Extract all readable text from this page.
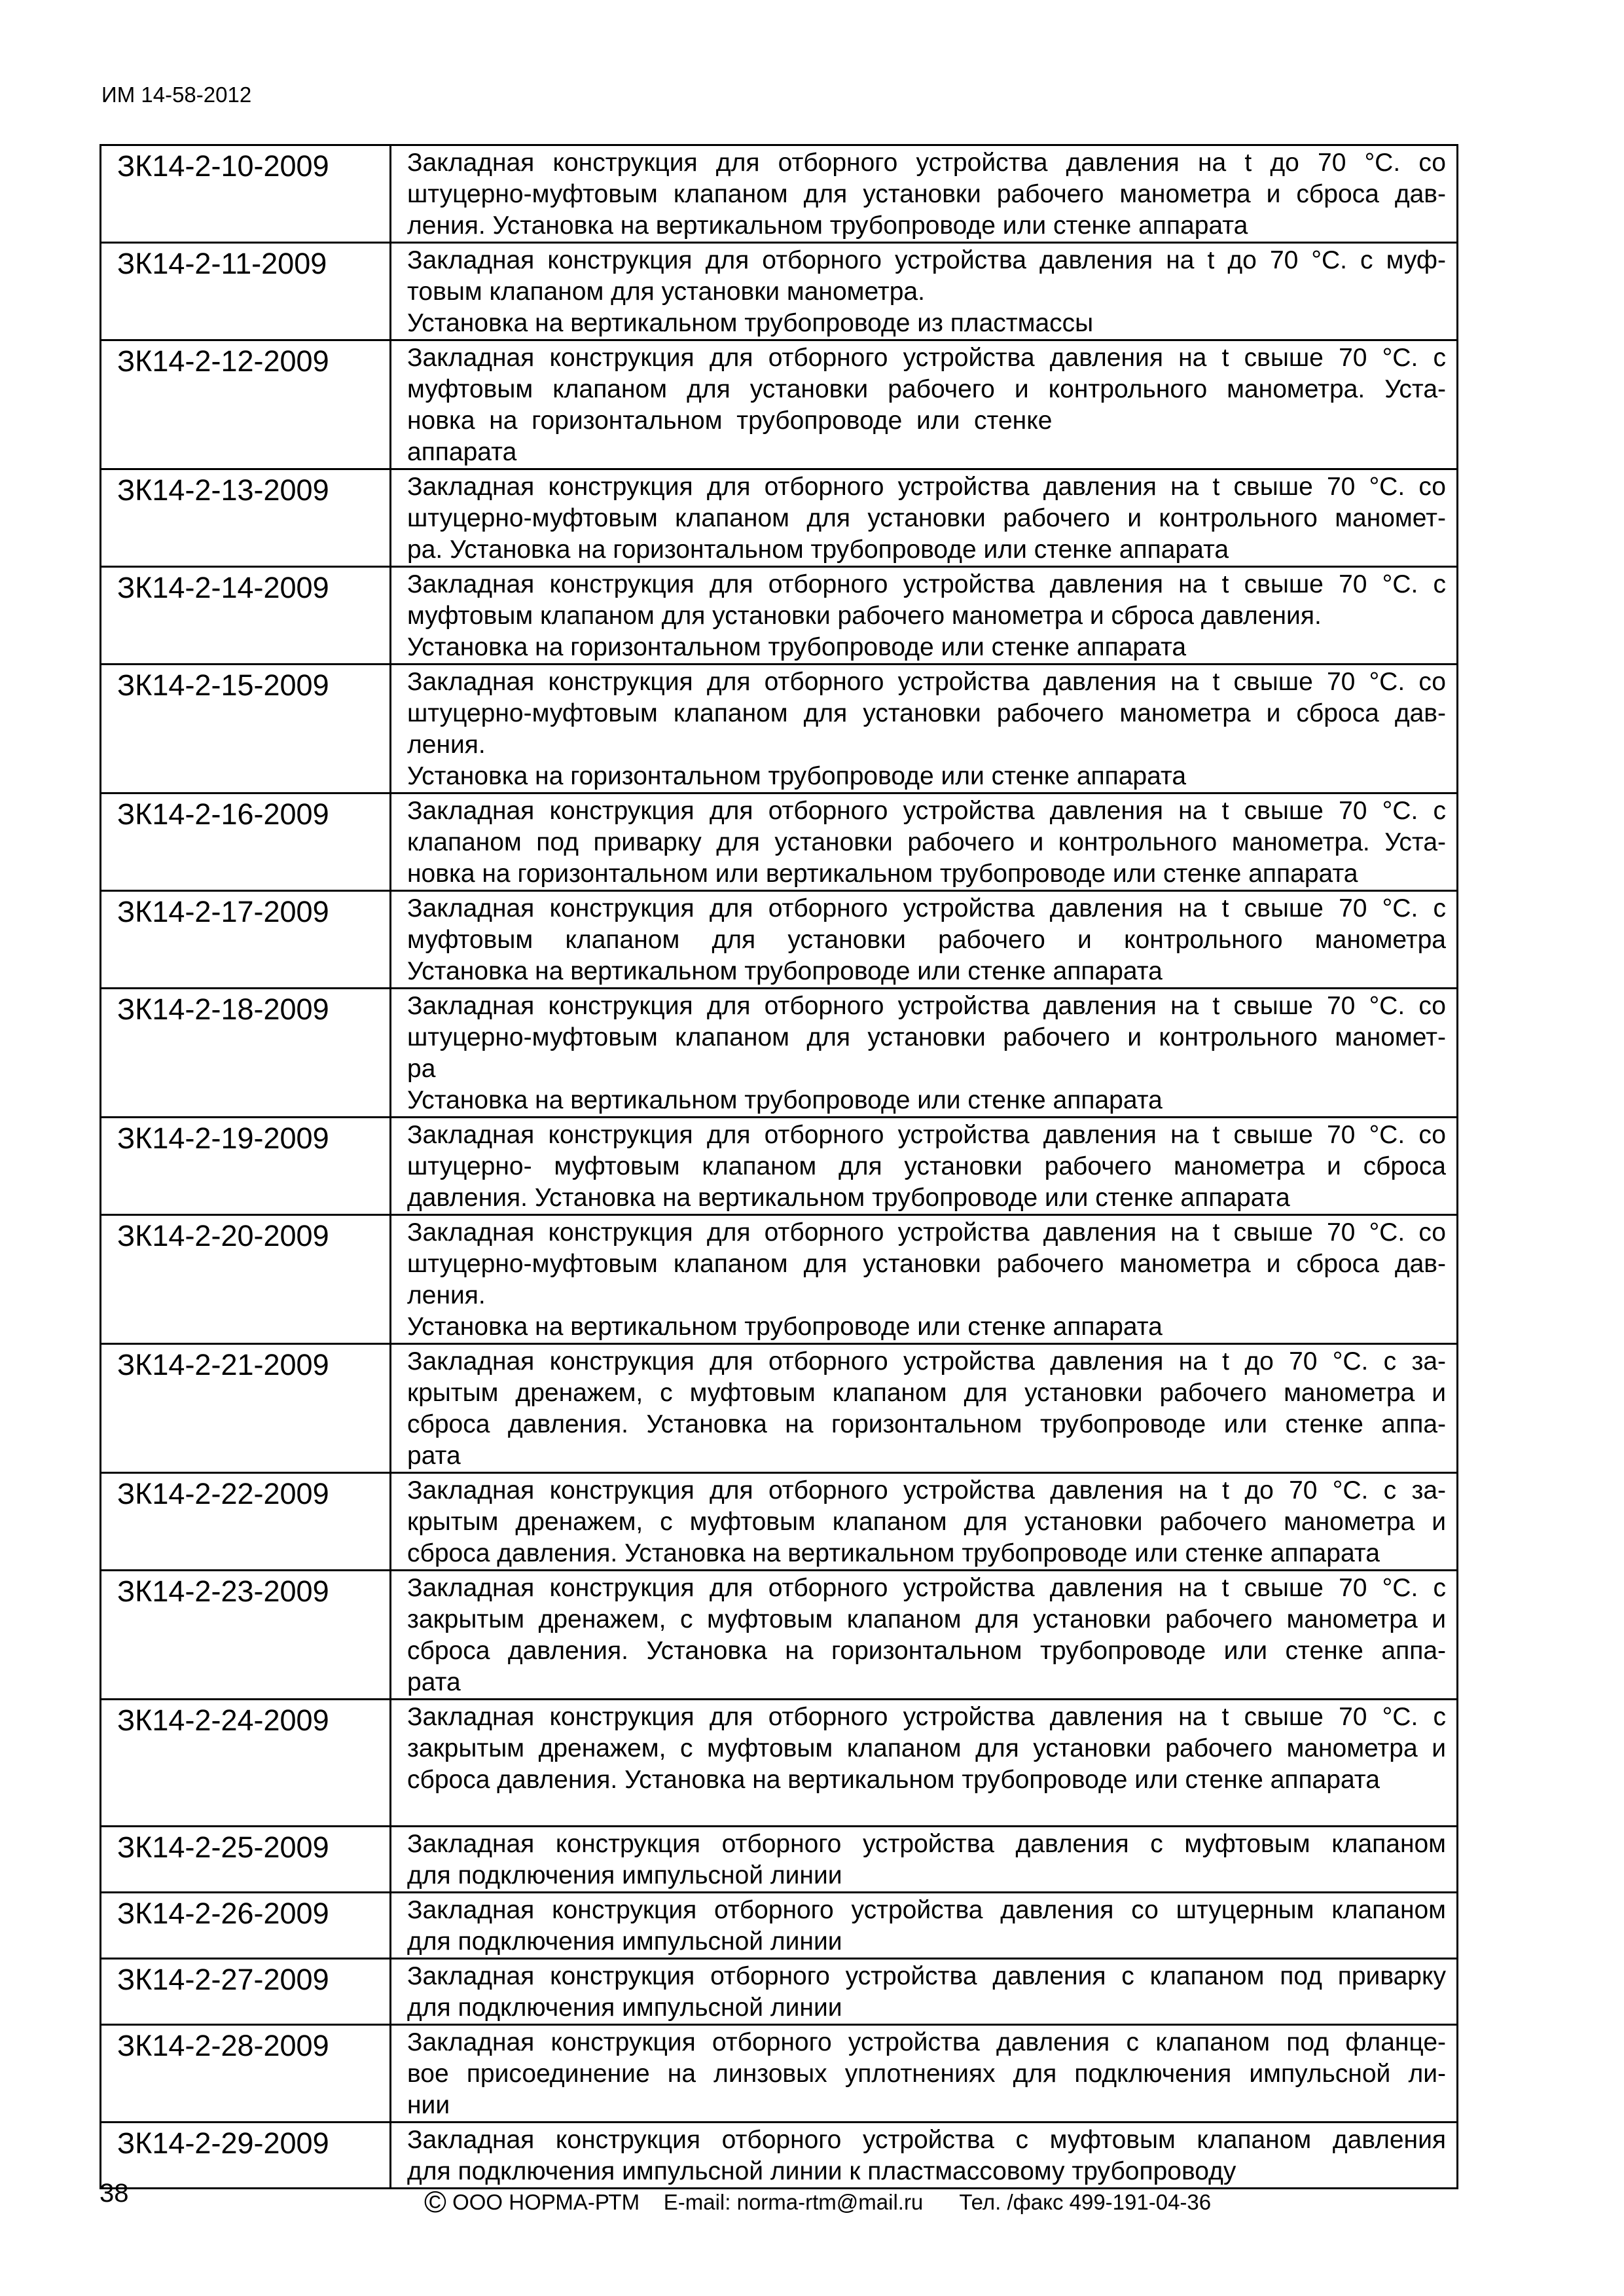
ИМ 14-58-2012
ЗК14-2-10-2009	Закладная конструкция для отборного устройства давления на t до 70 °С. со
штуцерно-муфтовым клапаном для установки рабочего манометра и сброса дав-
ления. Установка на вертикальном трубопроводе или стенке аппарата

ЗК14-2-11-2009	Закладная конструкция для отборного устройства давления на t до 70 °С. с муф-
товым клапаном для установки манометра.
Установка на вертикальном трубопроводе из пластмассы

ЗК14-2-12-2009	Закладная конструкция для отборного устройства давления на t свыше 70 °С. с
муфтовым клапаном для установки рабочего и контрольного манометра. Уста-
новка  на  горизонтальном  трубопроводе  или  стенке
аппарата

ЗК14-2-13-2009	Закладная конструкция для отборного устройства давления на t свыше 70 °С. со
штуцерно-муфтовым клапаном для установки рабочего и контрольного маномет-
ра. Установка на горизонтальном трубопроводе или стенке аппарата

ЗК14-2-14-2009	Закладная конструкция для отборного устройства давления на t свыше 70 °С. с
муфтовым клапаном для установки рабочего манометра и сброса давления.
Установка на горизонтальном трубопроводе или стенке аппарата

ЗК14-2-15-2009	Закладная конструкция для отборного устройства давления на t свыше 70 °С. со
штуцерно-муфтовым клапаном для установки рабочего манометра и сброса дав-
ления.
Установка на горизонтальном трубопроводе или стенке аппарата

ЗК14-2-16-2009	Закладная конструкция для отборного устройства давления на t свыше 70 °С. с
клапаном под приварку для установки рабочего и контрольного манометра. Уста-
новка на горизонтальном или вертикальном трубопроводе или стенке аппарата

ЗК14-2-17-2009	Закладная конструкция для отборного устройства давления на t свыше 70 °С. с
муфтовым клапаном для установки рабочего и контрольного манометра
Установка на вертикальном трубопроводе или стенке аппарата

ЗК14-2-18-2009	Закладная конструкция для отборного устройства давления на t свыше 70 °С. со
штуцерно-муфтовым клапаном для установки рабочего и контрольного маномет-
ра
Установка на вертикальном трубопроводе или стенке аппарата

ЗК14-2-19-2009	Закладная конструкция для отборного устройства давления на t свыше 70 °С. со
штуцерно- муфтовым клапаном для установки рабочего манометра и сброса
давления. Установка на вертикальном трубопроводе или стенке аппарата

ЗК14-2-20-2009	Закладная конструкция для отборного устройства давления на t свыше 70 °С. со
штуцерно-муфтовым клапаном для установки рабочего манометра и сброса дав-
ления.
Установка на вертикальном трубопроводе или стенке аппарата

ЗК14-2-21-2009	Закладная конструкция для отборного устройства давления на t до 70 °С. с за-
крытым дренажем, с муфтовым клапаном для установки рабочего манометра и
сброса давления. Установка на горизонтальном трубопроводе или стенке аппа-
рата

ЗК14-2-22-2009	Закладная конструкция для отборного устройства давления на t до 70 °С. с за-
крытым дренажем, с муфтовым клапаном для установки рабочего манометра и
сброса давления. Установка на вертикальном трубопроводе или стенке аппарата

ЗК14-2-23-2009	Закладная конструкция для отборного устройства давления на t свыше 70 °С. с
закрытым дренажем, с муфтовым клапаном для установки рабочего манометра и
сброса давления. Установка на горизонтальном трубопроводе или стенке аппа-
рата

ЗК14-2-24-2009	Закладная конструкция для отборного устройства давления на t свыше 70 °С. с
закрытым дренажем, с муфтовым клапаном для установки рабочего манометра и
сброса давления. Установка на вертикальном трубопроводе или стенке аппарата

ЗК14-2-25-2009	Закладная конструкция отборного устройства давления с муфтовым клапаном
для подключения импульсной линии

ЗК14-2-26-2009	Закладная конструкция отборного устройства давления со штуцерным клапаном
для подключения импульсной линии

ЗК14-2-27-2009	Закладная конструкция отборного устройства давления с клапаном под приварку
для подключения импульсной линии

ЗК14-2-28-2009	Закладная конструкция отборного устройства давления с клапаном под фланце-
вое присоединение на линзовых уплотнениях для подключения импульсной ли-
нии

ЗК14-2-29-2009	Закладная конструкция отборного устройства с муфтовым клапаном давления
для подключения импульсной линии к пластмассовому трубопроводу
38	© ООО НОРМА-РТМ E-mail: norma-rtm@mail.ru Тел. /факс 499-191-04-36
